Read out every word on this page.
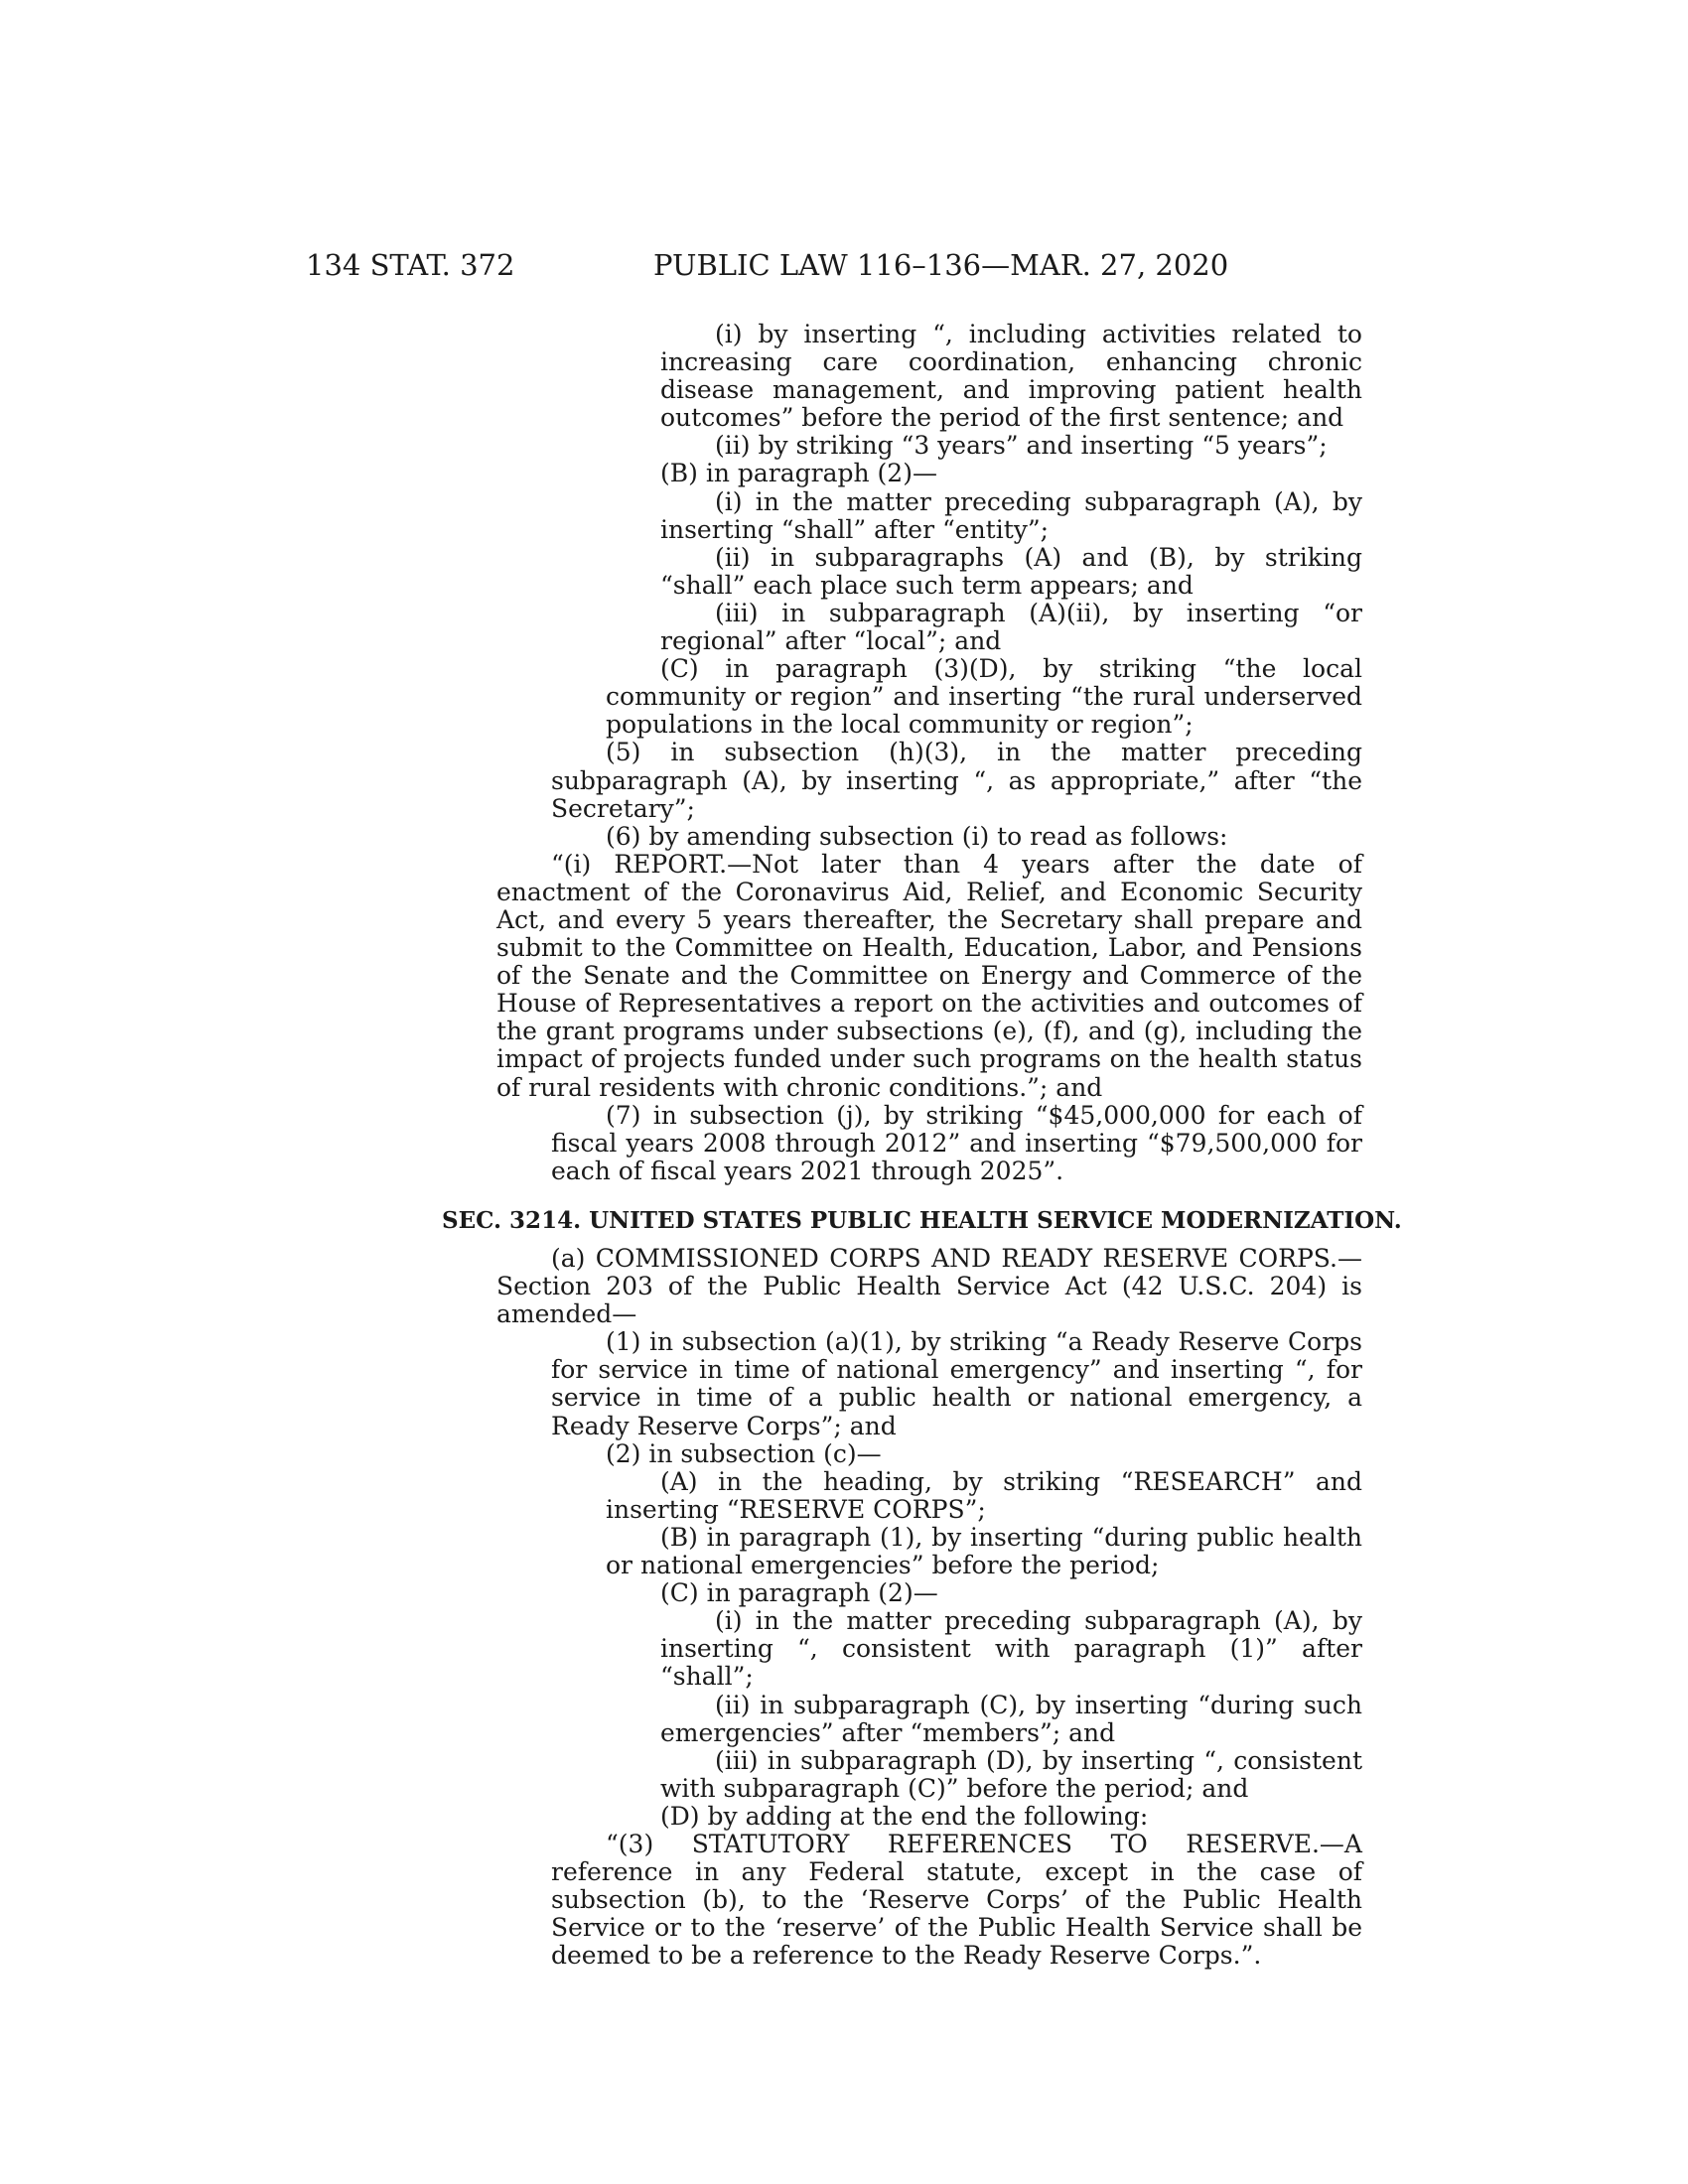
134 STAT. 372	PUBLIC LAW 116–136—MAR. 27, 2020

(i) by inserting “, including activities related to increasing care coordination, enhancing chronic disease management, and improving patient health outcomes” before the period of the first sentence; and

(ii) by striking “3 years” and inserting “5 years”;

(B) in paragraph (2)—

(i) in the matter preceding subparagraph (A), by inserting “shall” after “entity”;

(ii) in subparagraphs (A) and (B), by striking “shall” each place such term appears; and

(iii) in subparagraph (A)(ii), by inserting “or regional” after “local”; and

(C) in paragraph (3)(D), by striking “the local community or region” and inserting “the rural underserved populations in the local community or region”;

(5) in subsection (h)(3), in the matter preceding subparagraph (A), by inserting “, as appropriate,” after “the Secretary”;

(6) by amending subsection (i) to read as follows:

“(i) REPORT.—Not later than 4 years after the date of enactment of the Coronavirus Aid, Relief, and Economic Security Act, and every 5 years thereafter, the Secretary shall prepare and submit to the Committee on Health, Education, Labor, and Pensions of the Senate and the Committee on Energy and Commerce of the House of Representatives a report on the activities and outcomes of the grant programs under subsections (e), (f), and (g), including the impact of projects funded under such programs on the health status of rural residents with chronic conditions.”; and

(7) in subsection (j), by striking “$45,000,000 for each of fiscal years 2008 through 2012” and inserting “$79,500,000 for each of fiscal years 2021 through 2025”.

SEC. 3214. UNITED STATES PUBLIC HEALTH SERVICE MODERNIZATION.

(a) COMMISSIONED CORPS AND READY RESERVE CORPS.—Section 203 of the Public Health Service Act (42 U.S.C. 204) is amended—

(1) in subsection (a)(1), by striking “a Ready Reserve Corps for service in time of national emergency” and inserting “, for service in time of a public health or national emergency, a Ready Reserve Corps”; and

(2) in subsection (c)—

(A) in the heading, by striking “RESEARCH” and inserting “RESERVE CORPS”;

(B) in paragraph (1), by inserting “during public health or national emergencies” before the period;

(C) in paragraph (2)—

(i) in the matter preceding subparagraph (A), by inserting “, consistent with paragraph (1)” after “shall”;

(ii) in subparagraph (C), by inserting “during such emergencies” after “members”; and

(iii) in subparagraph (D), by inserting “, consistent with subparagraph (C)” before the period; and

(D) by adding at the end the following:

“(3) STATUTORY REFERENCES TO RESERVE.—A reference in any Federal statute, except in the case of subsection (b), to the ‘Reserve Corps’ of the Public Health Service or to the ‘reserve’ of the Public Health Service shall be deemed to be a reference to the Ready Reserve Corps.”.
